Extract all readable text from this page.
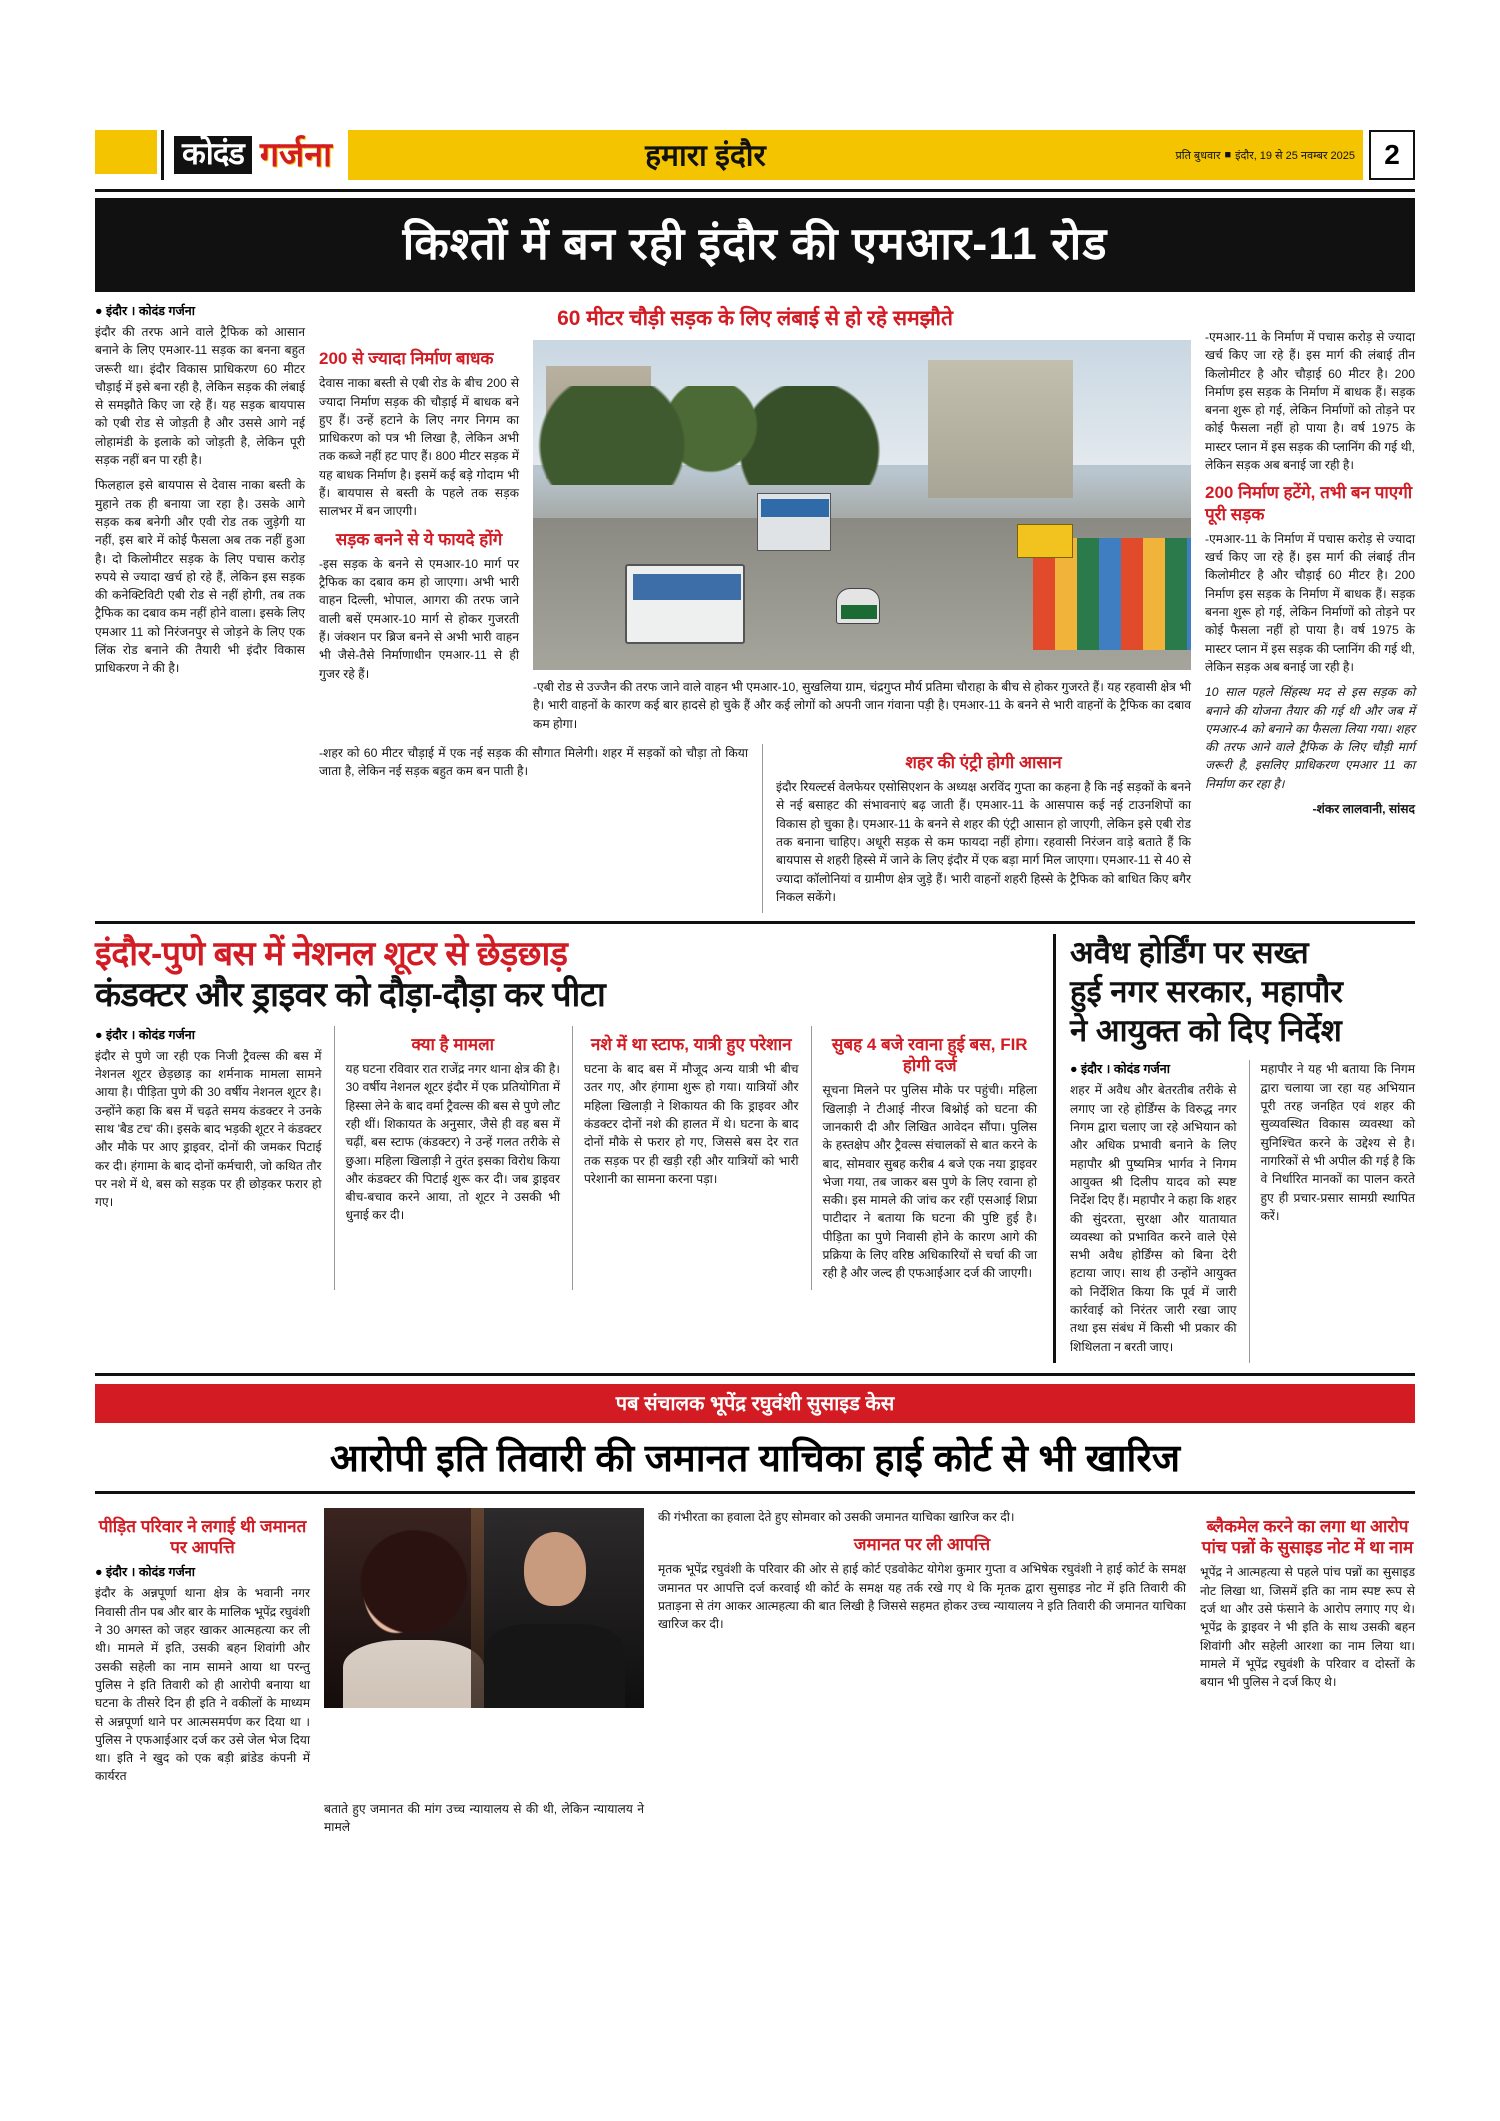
कोदंड गर्जना	हमारा इंदौर	प्रति बुधवार ■ इंदौर, 19 से 25 नवम्बर 2025	2
किश्तों में बन रही इंदौर की एमआर-11 रोड
● इंदौर । कोदंड गर्जना

इंदौर की तरफ आने वाले ट्रैफिक को आसान बनाने के लिए एमआर-11 सड़क का बनना बहुत जरूरी था। इंदौर विकास प्राधिकरण 60 मीटर चौड़ाई में इसे बना रही है, लेकिन सड़क की लंबाई से समझौते किए जा रहे हैं। यह सड़क बायपास को एबी रोड से जोड़ती है और उससे आगे नई लोहामंडी के इलाके को जोड़ती है, लेकिन पूरी सड़क नहीं बन पा रही है।

फिलहाल इसे बायपास से देवास नाका बस्ती के मुहाने तक ही बनाया जा रहा है। उसके आगे सड़क कब बनेगी और एवी रोड तक जुड़ेगी या नहीं, इस बारे में कोई फैसला अब तक नहीं हुआ है। दो किलोमीटर सड़क के लिए पचास करोड़ रुपये से ज्यादा खर्च हो रहे हैं, लेकिन इस सड़क की कनेक्टिविटी एबी रोड से नहीं होगी, तब तक ट्रैफिक का दबाव कम नहीं होने वाला। इसके लिए एमआर 11 को निरंजनपुर से जोड़ने के लिए एक लिंक रोड बनाने की तैयारी भी इंदौर विकास प्राधिकरण ने की है।

60 मीटर चौड़ी सड़क के लिए लंबाई से हो रहे समझौते
200 से ज्यादा निर्माण बाधक

देवास नाका बस्ती से एबी रोड के बीच 200 से ज्यादा निर्माण सड़क की चौड़ाई में बाधक बने हुए हैं। उन्हें हटाने के लिए नगर निगम का प्राधिकरण को पत्र भी लिखा है, लेकिन अभी तक कब्जे नहीं हट पाए हैं। 800 मीटर सड़क में यह बाधक निर्माण है। इसमें कई बड़े गोदाम भी हैं। बायपास से बस्ती के पहले तक सड़क सालभर में बन जाएगी।

सड़क बनने से ये फायदे होंगे

-इस सड़क के बनने से एमआर-10 मार्ग पर ट्रैफिक का दबाव कम हो जाएगा। अभी भारी वाहन दिल्ली, भोपाल, आगरा की तरफ जाने वाली बसें एमआर-10 मार्ग से होकर गुजरती हैं। जंक्शन पर ब्रिज बनने से अभी भारी वाहन भी जैसे-तैसे निर्माणाधीन एमआर-11 से ही गुजर रहे हैं।

-एबी रोड से उज्जैन की तरफ जाने वाले वाहन भी एमआर-10, सुखलिया ग्राम, चंद्रगुप्त मौर्य प्रतिमा चौराहा के बीच से होकर गुजरते हैं। यह रहवासी क्षेत्र भी है। भारी वाहनों के कारण कई बार हादसे हो चुके हैं और कई लोगों को अपनी जान गंवाना पड़ी है। एमआर-11 के बनने से भारी वाहनों के ट्रैफिक का दबाव कम होगा।

-शहर को 60 मीटर चौड़ाई में एक नई सड़क की सौगात मिलेगी। शहर में सड़कों को चौड़ा तो किया जाता है, लेकिन नई सड़क बहुत कम बन पाती है।	शहर की एंट्री होगी आसान

इंदौर रियल्टर्स वेलफेयर एसोसिएशन के अध्यक्ष अरविंद गुप्ता का कहना है कि नई सड़कों के बनने से नई बसाहट की संभावनाएं बढ़ जाती हैं। एमआर-11 के आसपास कई नई टाउनशिपों का विकास हो चुका है। एमआर-11 के बनने से शहर की एंट्री आसान हो जाएगी, लेकिन इसे एबी रोड तक बनाना चाहिए। अधूरी सड़क से कम फायदा नहीं होगा। रहवासी निरंजन वाड़े बताते हैं कि बायपास से शहरी हिस्से में जाने के लिए इंदौर में एक बड़ा मार्ग मिल जाएगा। एमआर-11 से 40 से ज्यादा कॉलोनियां व ग्रामीण क्षेत्र जुड़े हैं। भारी वाहनों शहरी हिस्से के ट्रैफिक को बाधित किए बगैर निकल सकेंगे।

-एमआर-11 के निर्माण में पचास करोड़ से ज्यादा खर्च किए जा रहे हैं। इस मार्ग की लंबाई तीन किलोमीटर है और चौड़ाई 60 मीटर है। 200 निर्माण इस सड़क के निर्माण में बाधक हैं। सड़क बनना शुरू हो गई, लेकिन निर्माणों को तोड़ने पर कोई फैसला नहीं हो पाया है। वर्ष 1975 के मास्टर प्लान में इस सड़क की प्लानिंग की गई थी, लेकिन सड़क अब बनाई जा रही है।

200 निर्माण हटेंगे, तभी बन पाएगी पूरी सड़क

-एमआर-11 के निर्माण में पचास करोड़ से ज्यादा खर्च किए जा रहे हैं। इस मार्ग की लंबाई तीन किलोमीटर है और चौड़ाई 60 मीटर है। 200 निर्माण इस सड़क के निर्माण में बाधक हैं। सड़क बनना शुरू हो गई, लेकिन निर्माणों को तोड़ने पर कोई फैसला नहीं हो पाया है। वर्ष 1975 के मास्टर प्लान में इस सड़क की प्लानिंग की गई थी, लेकिन सड़क अब बनाई जा रही है।

10 साल पहले सिंहस्थ मद से इस सड़क को बनाने की योजना तैयार की गई थी और जब में एमआर-4 को बनाने का फैसला लिया गया। शहर की तरफ आने वाले ट्रैफिक के लिए चौड़ी मार्ग जरूरी है, इसलिए प्राधिकरण एमआर 11 का निर्माण कर रहा है।

-शंकर लालवानी, सांसद

इंदौर-पुणे बस में नेशनल शूटर से छेड़छाड़
कंडक्टर और ड्राइवर को दौड़ा-दौड़ा कर पीटा
● इंदौर । कोदंड गर्जना

इंदौर से पुणे जा रही एक निजी ट्रैवल्स की बस में नेशनल शूटर छेड़छाड़ का शर्मनाक मामला सामने आया है। पीड़िता पुणे की 30 वर्षीय नेशनल शूटर है। उन्होंने कहा कि बस में चढ़ते समय कंडक्टर ने उनके साथ 'बैड टच' की। इसके बाद भड़की शूटर ने कंडक्टर और मौके पर आए ड्राइवर, दोनों की जमकर पिटाई कर दी। हंगामा के बाद दोनों कर्मचारी, जो कथित तौर पर नशे में थे, बस को सड़क पर ही छोड़कर फरार हो गए।

क्या है मामला

यह घटना रविवार रात राजेंद्र नगर थाना क्षेत्र की है। 30 वर्षीय नेशनल शूटर इंदौर में एक प्रतियोगिता में हिस्सा लेने के बाद वर्मा ट्रैवल्स की बस से पुणे लौट रही थीं। शिकायत के अनुसार, जैसे ही वह बस में चढ़ीं, बस स्टाफ (कंडक्टर) ने उन्हें गलत तरीके से छुआ। महिला खिलाड़ी ने तुरंत इसका विरोध किया और कंडक्टर की पिटाई शुरू कर दी। जब ड्राइवर बीच-बचाव करने आया, तो शूटर ने उसकी भी धुनाई कर दी।

नशे में था स्टाफ, यात्री हुए परेशान

घटना के बाद बस में मौजूद अन्य यात्री भी बीच उतर गए, और हंगामा शुरू हो गया। यात्रियों और महिला खिलाड़ी ने शिकायत की कि ड्राइवर और कंडक्टर दोनों नशे की हालत में थे। घटना के बाद दोनों मौके से फरार हो गए, जिससे बस देर रात तक सड़क पर ही खड़ी रही और यात्रियों को भारी परेशानी का सामना करना पड़ा।

सुबह 4 बजे रवाना हुई बस, FIR होगी दर्ज

सूचना मिलने पर पुलिस मौके पर पहुंची। महिला खिलाड़ी ने टीआई नीरज बिश्नोई को घटना की जानकारी दी और लिखित आवेदन सौंपा। पुलिस के हस्तक्षेप और ट्रैवल्स संचालकों से बात करने के बाद, सोमवार सुबह करीब 4 बजे एक नया ड्राइवर भेजा गया, तब जाकर बस पुणे के लिए रवाना हो सकी। इस मामले की जांच कर रहीं एसआई शिप्रा पाटीदार ने बताया कि घटना की पुष्टि हुई है। पीड़िता का पुणे निवासी होने के कारण आगे की प्रक्रिया के लिए वरिष्ठ अधिकारियों से चर्चा की जा रही है और जल्द ही एफआईआर दर्ज की जाएगी।

अवैध होर्डिंग पर सख्त
हुई नगर सरकार, महापौर
ने आयुक्त को दिए निर्देश
● इंदौर । कोदंड गर्जना

शहर में अवैध और बेतरतीब तरीके से लगाए जा रहे होर्डिंग्स के विरुद्ध नगर निगम द्वारा चलाए जा रहे अभियान को और अधिक प्रभावी बनाने के लिए महापौर श्री पुष्यमित्र भार्गव ने निगम आयुक्त श्री दिलीप यादव को स्पष्ट निर्देश दिए हैं। महापौर ने कहा कि शहर की सुंदरता, सुरक्षा और यातायात व्यवस्था को प्रभावित करने वाले ऐसे सभी अवैध होर्डिंग्स को बिना देरी हटाया जाए। साथ ही उन्होंने आयुक्त को निर्देशित किया कि पूर्व में जारी कार्रवाई को निरंतर जारी रखा जाए तथा इस संबंध में किसी भी प्रकार की शिथिलता न बरती जाए।

महापौर ने यह भी बताया कि निगम द्वारा चलाया जा रहा यह अभियान पूरी तरह जनहित एवं शहर की सुव्यवस्थित विकास व्यवस्था को सुनिश्चित करने के उद्देश्य से है। नागरिकों से भी अपील की गई है कि वे निर्धारित मानकों का पालन करते हुए ही प्रचार-प्रसार सामग्री स्थापित करें।

पब संचालक भूपेंद्र रघुवंशी सुसाइड केस
आरोपी इति तिवारी की जमानत याचिका हाई कोर्ट से भी खारिज
पीड़ित परिवार ने लगाई थी जमानत पर आपत्ति
● इंदौर । कोदंड गर्जना

इंदौर के अन्नपूर्णा थाना क्षेत्र के भवानी नगर निवासी तीन पब और बार के मालिक भूपेंद्र रघुवंशी ने 30 अगस्त को जहर खाकर आत्महत्या कर ली थी। मामले में इति, उसकी बहन शिवांगी और उसकी सहेली का नाम सामने आया था परन्तु पुलिस ने इति तिवारी को ही आरोपी बनाया था घटना के तीसरे दिन ही इति ने वकीलों के माध्यम से अन्नपूर्णा थाने पर आत्मसमर्पण कर दिया था । पुलिस ने एफआईआर दर्ज कर उसे जेल भेज दिया था। इति ने खुद को एक बड़ी ब्रांडेड कंपनी में कार्यरत

बताते हुए जमानत की मांग उच्च न्यायालय से की थी, लेकिन न्यायालय ने मामले

की गंभीरता का हवाला देते हुए सोमवार को उसकी जमानत याचिका खारिज कर दी।

जमानत पर ली आपत्ति

मृतक भूपेंद्र रघुवंशी के परिवार की ओर से हाई कोर्ट एडवोकेट योगेश कुमार गुप्ता व अभिषेक रघुवंशी ने हाई कोर्ट के समक्ष जमानत पर आपत्ति दर्ज करवाई थी कोर्ट के समक्ष यह तर्क रखे गए थे कि मृतक द्वारा सुसाइड नोट में इति तिवारी की प्रताड़ना से तंग आकर आत्महत्या की बात लिखी है जिससे सहमत होकर उच्च न्यायालय ने इति तिवारी की जमानत याचिका खारिज कर दी।

ब्लैकमेल करने का लगा था आरोप पांच पन्नों के सुसाइड नोट में था नाम

भूपेंद्र ने आत्महत्या से पहले पांच पन्नों का सुसाइड नोट लिखा था, जिसमें इति का नाम स्पष्ट रूप से दर्ज था और उसे फंसाने के आरोप लगाए गए थे। भूपेंद्र के ड्राइवर ने भी इति के साथ उसकी बहन शिवांगी और सहेली आरशा का नाम लिया था। मामले में भूपेंद्र रघुवंशी के परिवार व दोस्तों के बयान भी पुलिस ने दर्ज किए थे।
